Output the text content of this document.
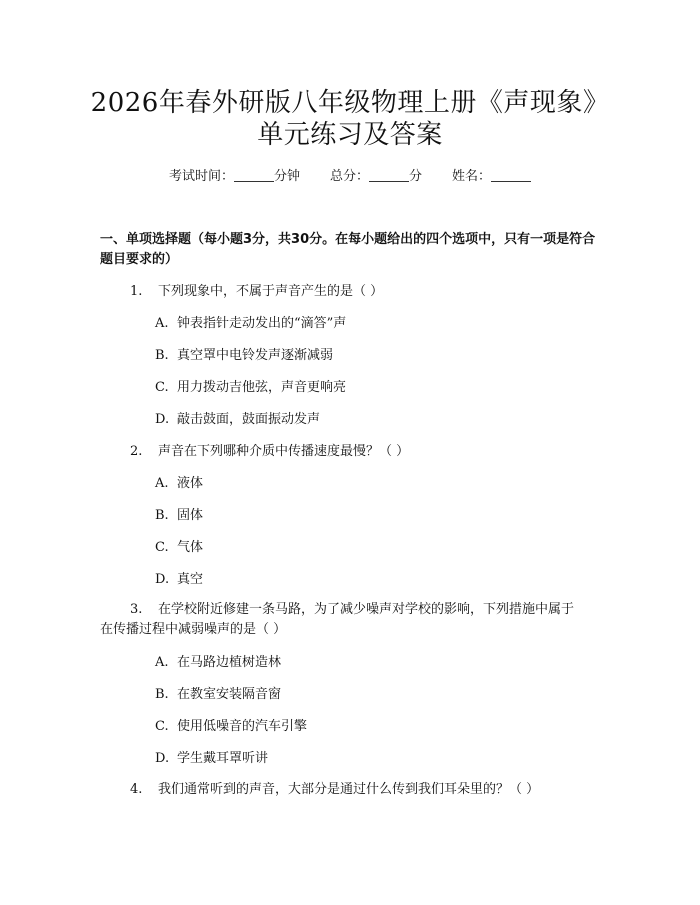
2026年春外研版八年级物理上册《声现象》
单元练习及答案
考试时间：	分钟 总分：	分 姓名：
一、单项选择题（每小题3分，共30分。在每小题给出的四个选项中，只有一项是符合题目要求的）
1. 下列现象中，不属于声音产生的是（ ）
A. 钟表指针走动发出的“滴答”声
B. 真空罩中电铃发声逐渐减弱
C. 用力拨动吉他弦，声音更响亮
D. 敲击鼓面，鼓面振动发声
2. 声音在下列哪种介质中传播速度最慢？（ ）
A. 液体
B. 固体
C. 气体
D. 真空
3. 在学校附近修建一条马路，为了减少噪声对学校的影响，下列措施中属于
在传播过程中减弱噪声的是（ ）
A. 在马路边植树造林
B. 在教室安装隔音窗
C. 使用低噪音的汽车引擎
D. 学生戴耳罩听讲
4. 我们通常听到的声音，大部分是通过什么传到我们耳朵里的？（ ）
